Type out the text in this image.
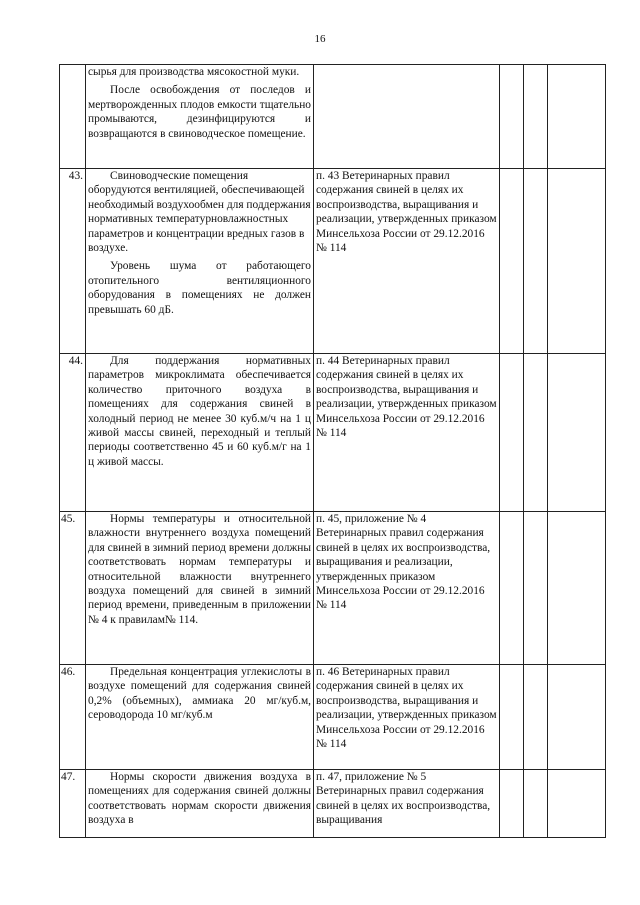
16

	сырья для производства мясокостной муки.

После освобождения от последов и мертворожденных плодов емкости тщательно промываются, дезинфицируются и возвращаются в свиноводческое помещение.				

43.	Свиноводческие помещения оборудуются вентиляцией, обеспечивающей необходимый воздухообмен для поддержания нормативных температурновлажностных параметров и концентрации вредных газов в воздухе.

Уровень шума от работающего отопительного вентиляционного оборудования в помещениях не должен превышать 60 дБ.	п. 43 Ветеринарных правил содержания свиней в целях их воспроизводства, выращивания и реализации, утвержденных приказом Минсельхоза России от 29.12.2016 № 114			

44.	Для поддержания нормативных параметров микроклимата обеспечивается количество приточного воздуха в помещениях для содержания свиней в холодный период не менее 30 куб.м/ч на 1 ц живой массы свиней, переходный и теплый периоды соответственно 45 и 60 куб.м/г на 1 ц живой массы.	п. 44 Ветеринарных правил содержания свиней в целях их воспроизводства, выращивания и реализации, утвержденных приказом Минсельхоза России от 29.12.2016 № 114			

45.	Нормы температуры и относительной влажности внутреннего воздуха помещений для свиней в зимний период времени должны соответствовать нормам температуры и относительной влажности внутреннего воздуха помещений для свиней в зимний период времени, приведенным в приложении № 4 к правилам№ 114.	п. 45, приложение № 4 Ветеринарных правил содержания свиней в целях их воспроизводства, выращивания и реализации, утвержденных приказом Минсельхоза России от 29.12.2016 № 114			

46.	Предельная концентрация углекислоты в воздухе помещений для содержания свиней 0,2% (объемных), аммиака 20 мг/куб.м, сероводорода 10 мг/куб.м	п. 46 Ветеринарных правил содержания свиней в целях их воспроизводства, выращивания и реализации, утвержденных приказом Минсельхоза России от 29.12.2016 № 114			

47.	Нормы скорости движения воздуха в помещениях для содержания свиней должны соответствовать нормам скорости движения воздуха в	п. 47, приложение № 5 Ветеринарных правил содержания свиней в целях их воспроизводства, выращивания			
